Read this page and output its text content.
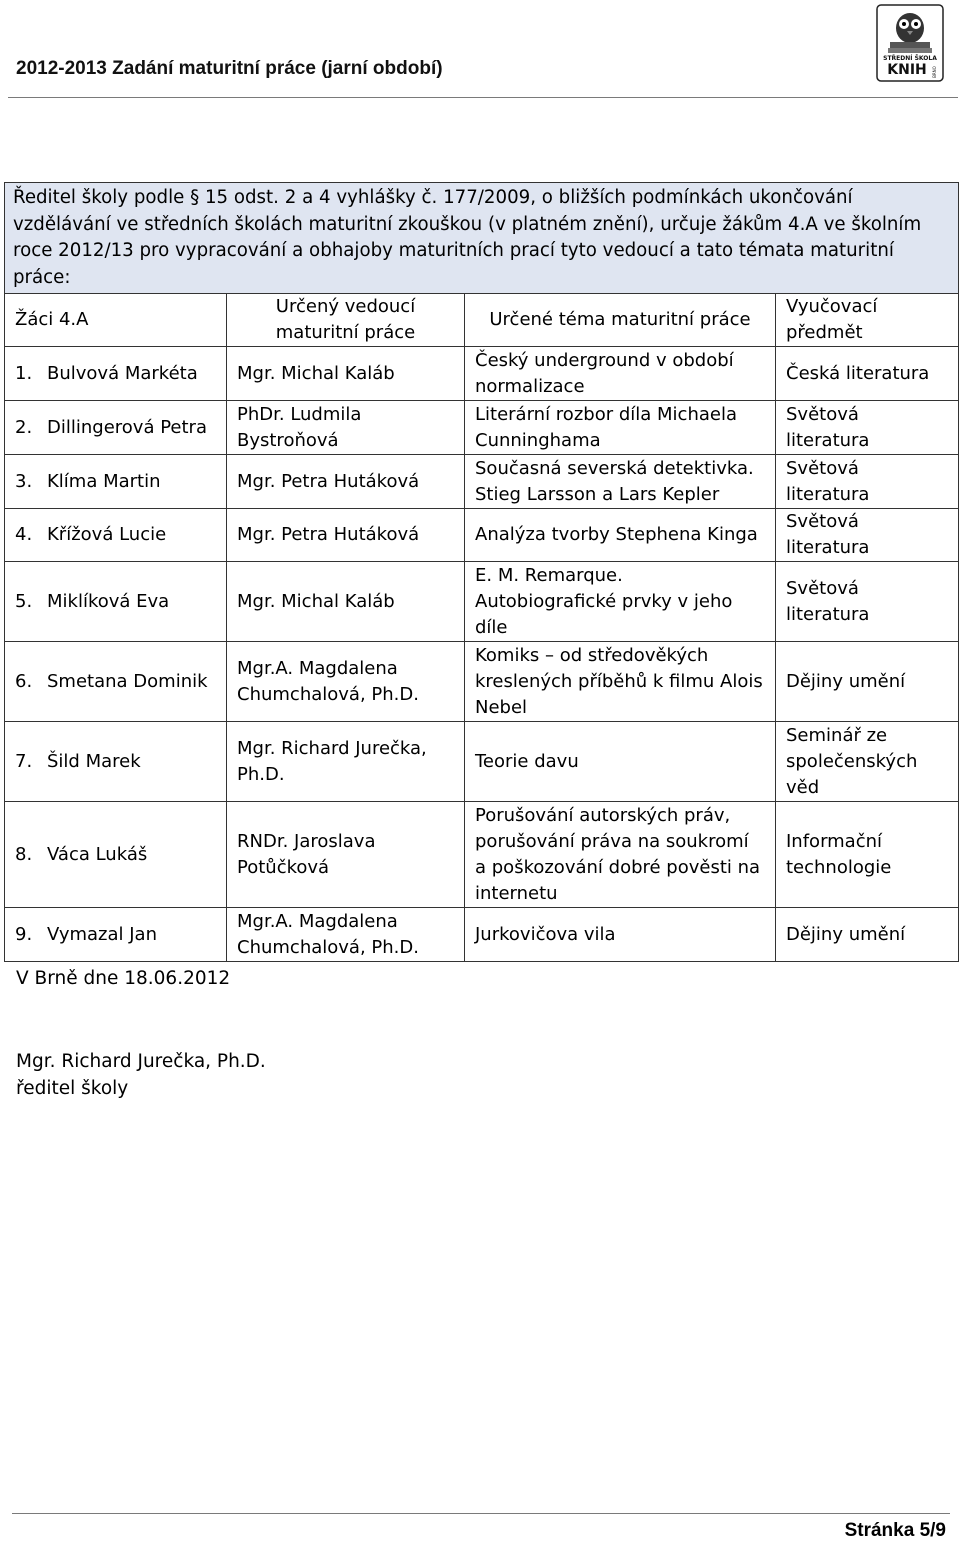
2012-2013 Zadání maturitní práce (jarní období)	STŘEDNÍ ŠKOLA
KNIH BRNO
Ředitel školy podle § 15 odst. 2 a 4 vyhlášky č. 177/2009, o bližších podmínkách ukončování vzdělávání ve středních školách maturitní zkouškou (v platném znění), určuje žákům 4.A ve školním roce 2012/13 pro vypracování a obhajoby maturitních prací tyto vedoucí a tato témata maturitní práce:			
Žáci 4.A	Určený vedoucí maturitní práce	Určené téma maturitní práce	Vyučovací předmět
1. Bulvová Markéta	Mgr. Michal Kaláb	Český underground v období normalizace	Česká literatura
2. Dillingerová Petra	PhDr. Ludmila Bystroňová	Literární rozbor díla Michaela Cunninghama	Světová literatura
3. Klíma Martin	Mgr. Petra Hutáková	Současná severská detektivka. Stieg Larsson a Lars Kepler	Světová literatura
4. Křížová Lucie	Mgr. Petra Hutáková	Analýza tvorby Stephena Kinga	Světová literatura
5. Miklíková Eva	Mgr. Michal Kaláb	E. M. Remarque. Autobiografické prvky v jeho díle	Světová literatura
6. Smetana Dominik	Mgr.A. Magdalena Chumchalová, Ph.D.	Komiks – od středověkých kreslených příběhů k filmu Alois Nebel	Dějiny umění
7. Šild Marek	Mgr. Richard Jurečka, Ph.D.	Teorie davu	Seminář ze společenských věd
8. Váca Lukáš	RNDr. Jaroslava Potůčková	Porušování autorských práv, porušování práva na soukromí a poškozování dobré pověsti na internetu	Informační technologie
9. Vymazal Jan	Mgr.A. Magdalena Chumchalová, Ph.D.	Jurkovičova vila	Dějiny umění
V Brně dne 18.06.2012
Mgr. Richard Jurečka, Ph.D.
ředitel školy
Stránka 5/9
